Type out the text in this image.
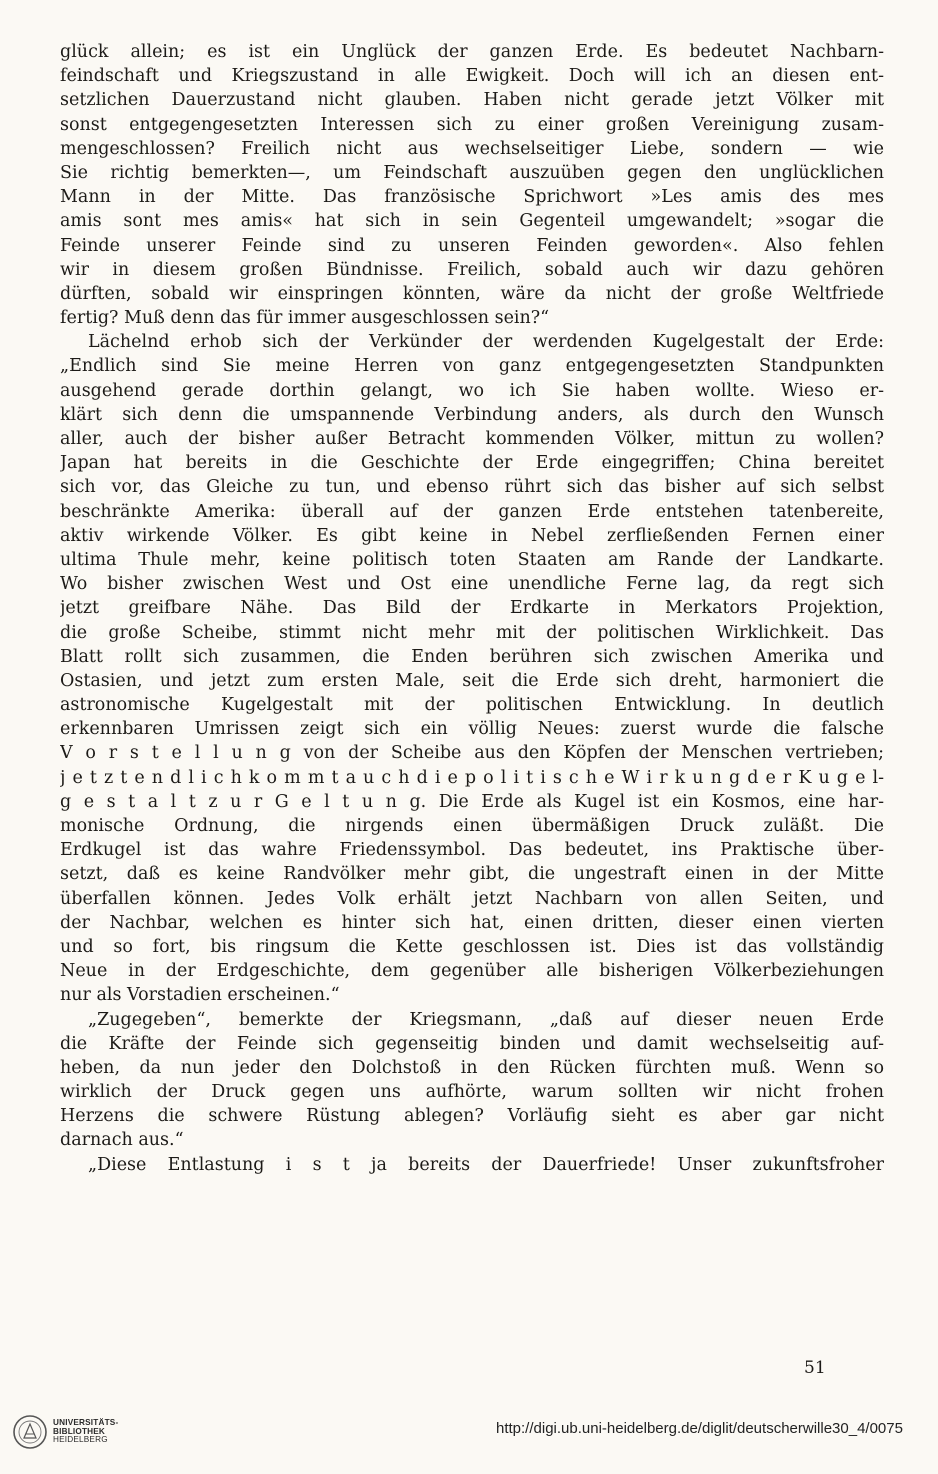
glück allein; es ist ein Unglück der ganzen Erde. Es bedeutet Nachbarn-
feindschaft und Kriegszustand in alle Ewigkeit. Doch will ich an diesen ent-
setzlichen Dauerzustand nicht glauben. Haben nicht gerade jetzt Völker mit
sonst entgegengesetzten Interessen sich zu einer großen Vereinigung zusam-
mengeschlossen? Freilich nicht aus wechselseitiger Liebe, sondern — wie
Sie richtig bemerkten—, um Feindschaft auszuüben gegen den unglücklichen
Mann in der Mitte. Das französische Sprichwort »Les amis des mes
amis sont mes amis« hat sich in sein Gegenteil umgewandelt; »sogar die
Feinde unserer Feinde sind zu unseren Feinden geworden«. Also fehlen
wir in diesem großen Bündnisse. Freilich, sobald auch wir dazu gehören
dürften, sobald wir einspringen könnten, wäre da nicht der große Weltfriede
fertig? Muß denn das für immer ausgeschlossen sein?“
Lächelnd erhob sich der Verkünder der werdenden Kugelgestalt der Erde:
„Endlich sind Sie meine Herren von ganz entgegengesetzten Standpunkten
ausgehend gerade dorthin gelangt, wo ich Sie haben wollte. Wieso er-
klärt sich denn die umspannende Verbindung anders, als durch den Wunsch
aller, auch der bisher außer Betracht kommenden Völker, mittun zu wollen?
Japan hat bereits in die Geschichte der Erde eingegriffen; China bereitet
sich vor, das Gleiche zu tun, und ebenso rührt sich das bisher auf sich selbst
beschränkte Amerika: überall auf der ganzen Erde entstehen tatenbereite,
aktiv wirkende Völker. Es gibt keine in Nebel zerfließenden Fernen einer
ultima Thule mehr, keine politisch toten Staaten am Rande der Landkarte.
Wo bisher zwischen West und Ost eine unendliche Ferne lag, da regt sich
jetzt greifbare Nähe. Das Bild der Erdkarte in Merkators Projektion,
die große Scheibe, stimmt nicht mehr mit der politischen Wirklichkeit. Das
Blatt rollt sich zusammen, die Enden berühren sich zwischen Amerika und
Ostasien, und jetzt zum ersten Male, seit die Erde sich dreht, harmoniert die
astronomische Kugelgestalt mit der politischen Entwicklung. In deutlich
erkennbaren Umrissen zeigt sich ein völlig Neues: zuerst wurde die falsche
V o r s t e l l u n g von der Scheibe aus den Köpfen der Menschen vertrieben;
j e t z t e n d l i c h k o m m t a u c h d i e p o l i t i s c h e W i r k u n g d e r K u g e l-
g e s t a l t z u r G e l t u n g. Die Erde als Kugel ist ein Kosmos, eine har-
monische Ordnung, die nirgends einen übermäßigen Druck zuläßt. Die
Erdkugel ist das wahre Friedenssymbol. Das bedeutet, ins Praktische über-
setzt, daß es keine Randvölker mehr gibt, die ungestraft einen in der Mitte
überfallen können. Jedes Volk erhält jetzt Nachbarn von allen Seiten, und
der Nachbar, welchen es hinter sich hat, einen dritten, dieser einen vierten
und so fort, bis ringsum die Kette geschlossen ist. Dies ist das vollständig
Neue in der Erdgeschichte, dem gegenüber alle bisherigen Völkerbeziehungen
nur als Vorstadien erscheinen.“
„Zugegeben“, bemerkte der Kriegsmann, „daß auf dieser neuen Erde
die Kräfte der Feinde sich gegenseitig binden und damit wechselseitig auf-
heben, da nun jeder den Dolchstoß in den Rücken fürchten muß. Wenn so
wirklich der Druck gegen uns aufhörte, warum sollten wir nicht frohen
Herzens die schwere Rüstung ablegen? Vorläufig sieht es aber gar nicht
darnach aus.“
„Diese Entlastung i s t ja bereits der Dauerfriede! Unser zukunftsfroher
51
UNIVERSITÄTS-
BIBLIOTHEK
HEIDELBERG
http://digi.ub.uni-heidelberg.de/diglit/deutscherwille30_4/0075
